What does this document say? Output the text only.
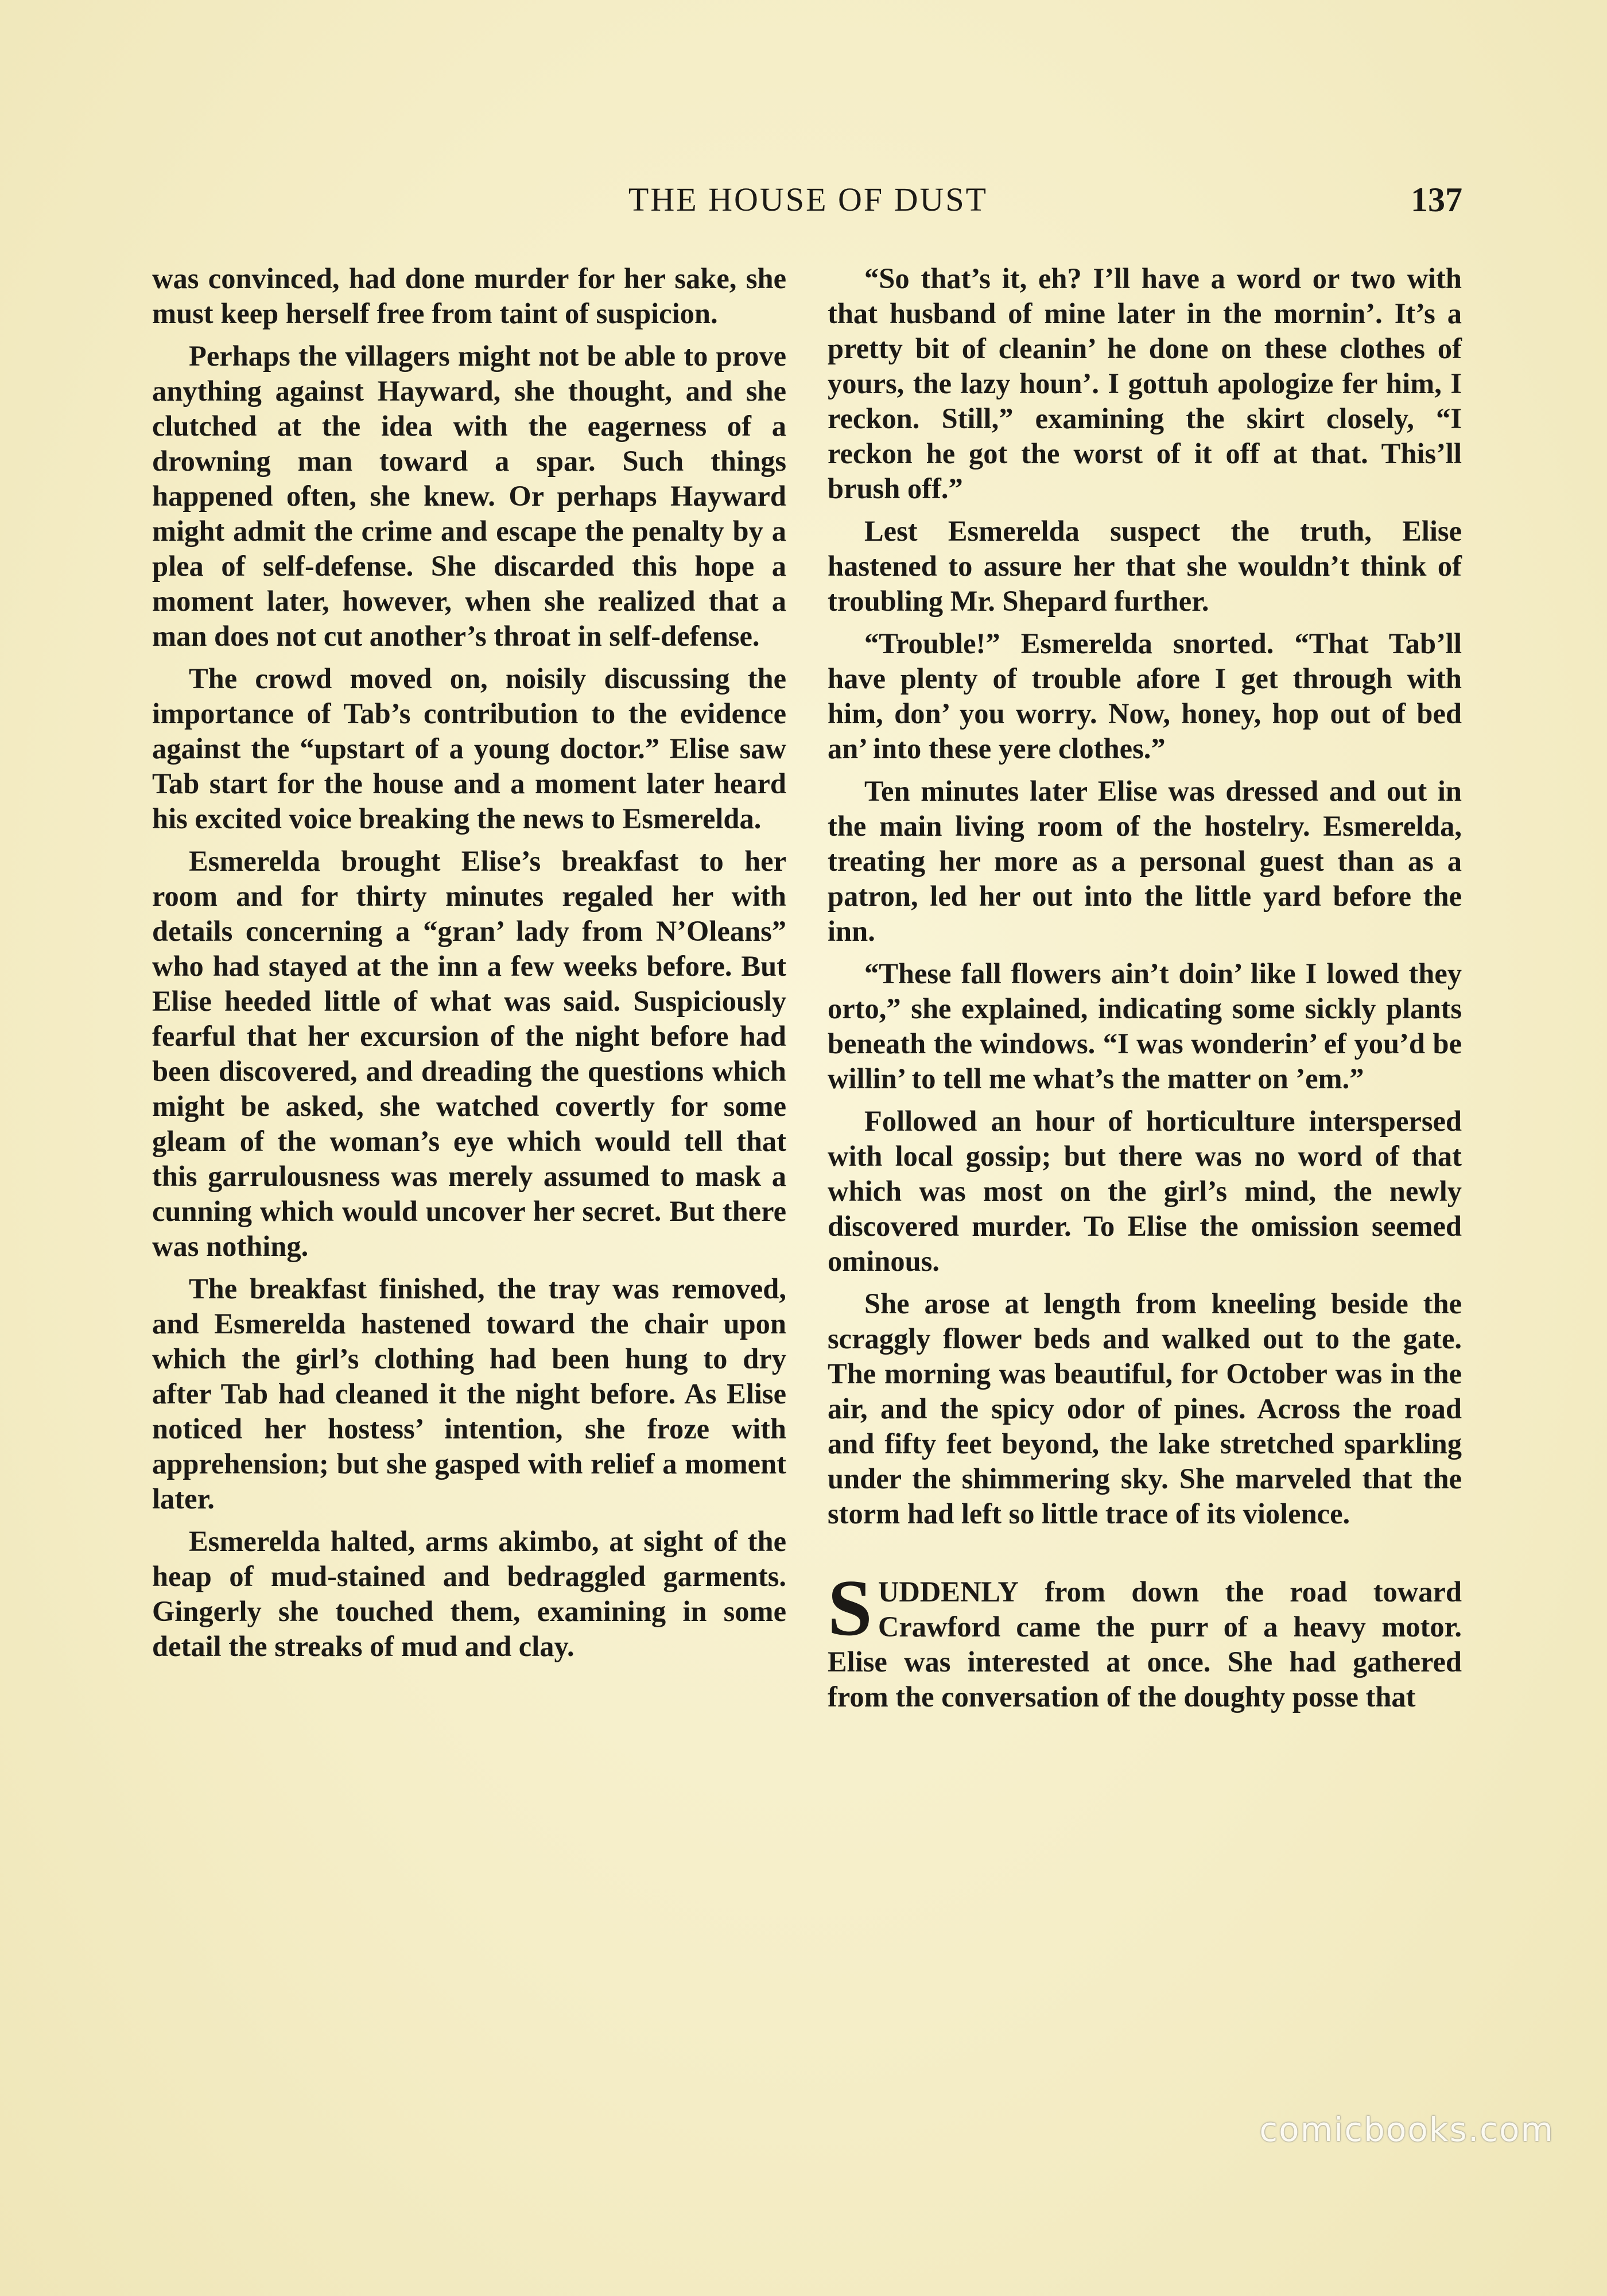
THE HOUSE OF DUST	137

was convinced, had done murder for her sake, she must keep herself free from taint of suspicion.

Perhaps the villagers might not be able to prove anything against Hayward, she thought, and she clutched at the idea with the eagerness of a drowning man toward a spar. Such things happened often, she knew. Or perhaps Hayward might admit the crime and escape the penalty by a plea of self-defense. She discarded this hope a moment later, however, when she realized that a man does not cut another’s throat in self-defense.

The crowd moved on, noisily discussing the importance of Tab’s contribution to the evidence against the “upstart of a young doctor.” Elise saw Tab start for the house and a moment later heard his excited voice breaking the news to Esmerelda.

Esmerelda brought Elise’s breakfast to her room and for thirty minutes regaled her with details concerning a “gran’ lady from N’Oleans” who had stayed at the inn a few weeks before. But Elise heeded little of what was said. Suspiciously fearful that her excursion of the night before had been discovered, and dreading the questions which might be asked, she watched covertly for some gleam of the woman’s eye which would tell that this garrulousness was merely assumed to mask a cunning which would uncover her secret. But there was nothing.

The breakfast finished, the tray was removed, and Esmerelda hastened toward the chair upon which the girl’s clothing had been hung to dry after Tab had cleaned it the night before. As Elise noticed her hostess’ intention, she froze with apprehension; but she gasped with relief a moment later.

Esmerelda halted, arms akimbo, at sight of the heap of mud-stained and bedraggled garments. Gingerly she touched them, examining in some detail the streaks of mud and clay.

“So that’s it, eh? I’ll have a word or two with that husband of mine later in the mornin’. It’s a pretty bit of cleanin’ he done on these clothes of yours, the lazy houn’. I gottuh apologize fer him, I reckon. Still,” examining the skirt closely, “I reckon he got the worst of it off at that. This’ll brush off.”

Lest Esmerelda suspect the truth, Elise hastened to assure her that she wouldn’t think of troubling Mr. Shepard further.

“Trouble!” Esmerelda snorted. “That Tab’ll have plenty of trouble afore I get through with him, don’ you worry. Now, honey, hop out of bed an’ into these yere clothes.”

Ten minutes later Elise was dressed and out in the main living room of the hostelry. Esmerelda, treating her more as a personal guest than as a patron, led her out into the little yard before the inn.

“These fall flowers ain’t doin’ like I lowed they orto,” she explained, indicating some sickly plants beneath the windows. “I was wonderin’ ef you’d be willin’ to tell me what’s the matter on ’em.”

Followed an hour of horticulture interspersed with local gossip; but there was no word of that which was most on the girl’s mind, the newly discovered murder. To Elise the omission seemed ominous.

She arose at length from kneeling beside the scraggly flower beds and walked out to the gate. The morning was beautiful, for October was in the air, and the spicy odor of pines. Across the road and fifty feet beyond, the lake stretched sparkling under the shimmering sky. She marveled that the storm had left so little trace of its violence.

SUDDENLY from down the road toward Crawford came the purr of a heavy motor. Elise was interested at once. She had gathered from the conversation of the doughty posse that

comicbooks.com
